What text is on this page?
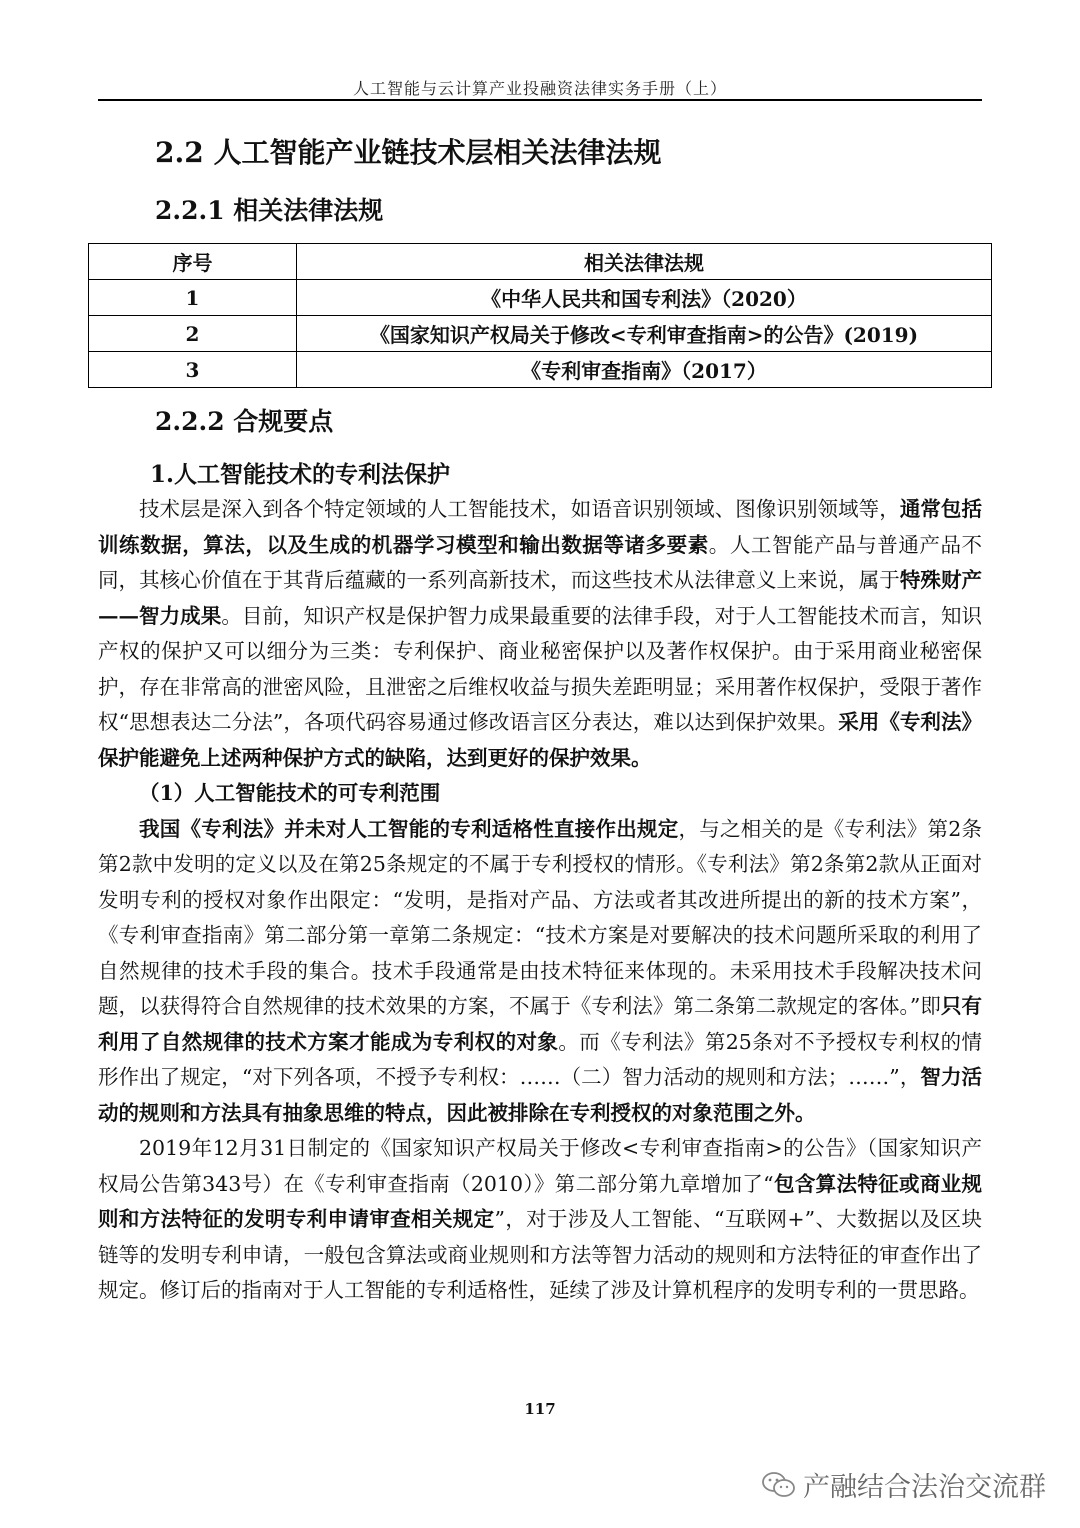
人工智能与云计算产业投融资法律实务手册（上）
2.2 人工智能产业链技术层相关法律法规
2.2.1 相关法律法规
序号	相关法律法规
1	《中华人民共和国专利法》（2020）
2	《国家知识产权局关于修改<专利审查指南>的公告》(2019)
3	《专利审查指南》（2017）
2.2.2 合规要点
1.人工智能技术的专利法保护

技术层是深入到各个特定领域的人工智能技术，如语音识别领域、图像识别领域等，通常包括训练数据，算法，以及生成的机器学习模型和输出数据等诸多要素。人工智能产品与普通产品不同，其核心价值在于其背后蕴藏的一系列高新技术，而这些技术从法律意义上来说，属于特殊财产——智力成果。目前，知识产权是保护智力成果最重要的法律手段，对于人工智能技术而言，知识产权的保护又可以细分为三类：专利保护、商业秘密保护以及著作权保护。由于采用商业秘密保护，存在非常高的泄密风险，且泄密之后维权收益与损失差距明显；采用著作权保护，受限于著作权“思想表达二分法”，各项代码容易通过修改语言区分表达，难以达到保护效果。采用《专利法》保护能避免上述两种保护方式的缺陷，达到更好的保护效果。

（1）人工智能技术的可专利范围

我国《专利法》并未对人工智能的专利适格性直接作出规定，与之相关的是《专利法》第2条第2款中发明的定义以及在第25条规定的不属于专利授权的情形。《专利法》第2条第2款从正面对发明专利的授权对象作出限定：“发明，是指对产品、方法或者其改进所提出的新的技术方案”，《专利审查指南》第二部分第一章第二条规定：“技术方案是对要解决的技术问题所采取的利用了自然规律的技术手段的集合。技术手段通常是由技术特征来体现的。未采用技术手段解决技术问题，以获得符合自然规律的技术效果的方案，不属于《专利法》第二条第二款规定的客体。”即只有利用了自然规律的技术方案才能成为专利权的对象。而《专利法》第25条对不予授权专利权的情形作出了规定，“对下列各项，不授予专利权：……（二）智力活动的规则和方法；……”，智力活动的规则和方法具有抽象思维的特点，因此被排除在专利授权的对象范围之外。

2019年12月31日制定的《国家知识产权局关于修改<专利审查指南>的公告》（国家知识产权局公告第343号）在《专利审查指南（2010）》第二部分第九章增加了“包含算法特征或商业规则和方法特征的发明专利申请审查相关规定”，对于涉及人工智能、“互联网+”、大数据以及区块链等的发明专利申请，一般包含算法或商业规则和方法等智力活动的规则和方法特征的审查作出了规定。修订后的指南对于人工智能的专利适格性，延续了涉及计算机程序的发明专利的一贯思路。

117
产融结合法治交流群
